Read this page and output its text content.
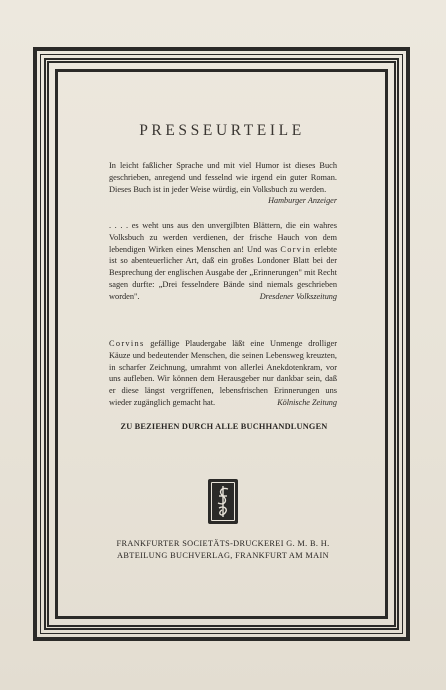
PRESSEURTEILE

In leicht faßlicher Sprache und mit viel Humor ist dieses Buch geschrieben, anregend und fesselnd wie irgend ein guter Roman. Dieses Buch ist in jeder Weise würdig, ein Volksbuch zu werden.

Hamburger Anzeiger

. . . . es weht uns aus den unvergilbten Blättern, die ein wahres Volksbuch zu werden verdienen, der frische Hauch von dem lebendigen Wirken eines Menschen an! Und was Corvin erlebte ist so abenteuerlicher Art, daß ein großes Londoner Blatt bei der Besprechung der englischen Ausgabe der „Erinnerungen" mit Recht sagen durfte: „Drei fesselndere Bände sind niemals geschrieben worden".	Dresdener Volkszeitung

Corvins gefällige Plaudergabe läßt eine Unmenge drolliger Käuze und bedeutender Menschen, die seinen Lebensweg kreuzten, in scharfer Zeichnung, umrahmt von allerlei Anekdotenkram, vor uns aufleben. Wir können dem Herausgeber nur dankbar sein, daß er diese längst vergriffenen, lebensfrischen Erinnerungen uns wieder zugänglich gemacht hat.	Kölnische Zeitung

ZU BEZIEHEN DURCH ALLE BUCHHANDLUNGEN
FRANKFURTER SOCIETÄTS-DRUCKEREI G. M. B. H.
ABTEILUNG BUCHVERLAG, FRANKFURT AM MAIN
